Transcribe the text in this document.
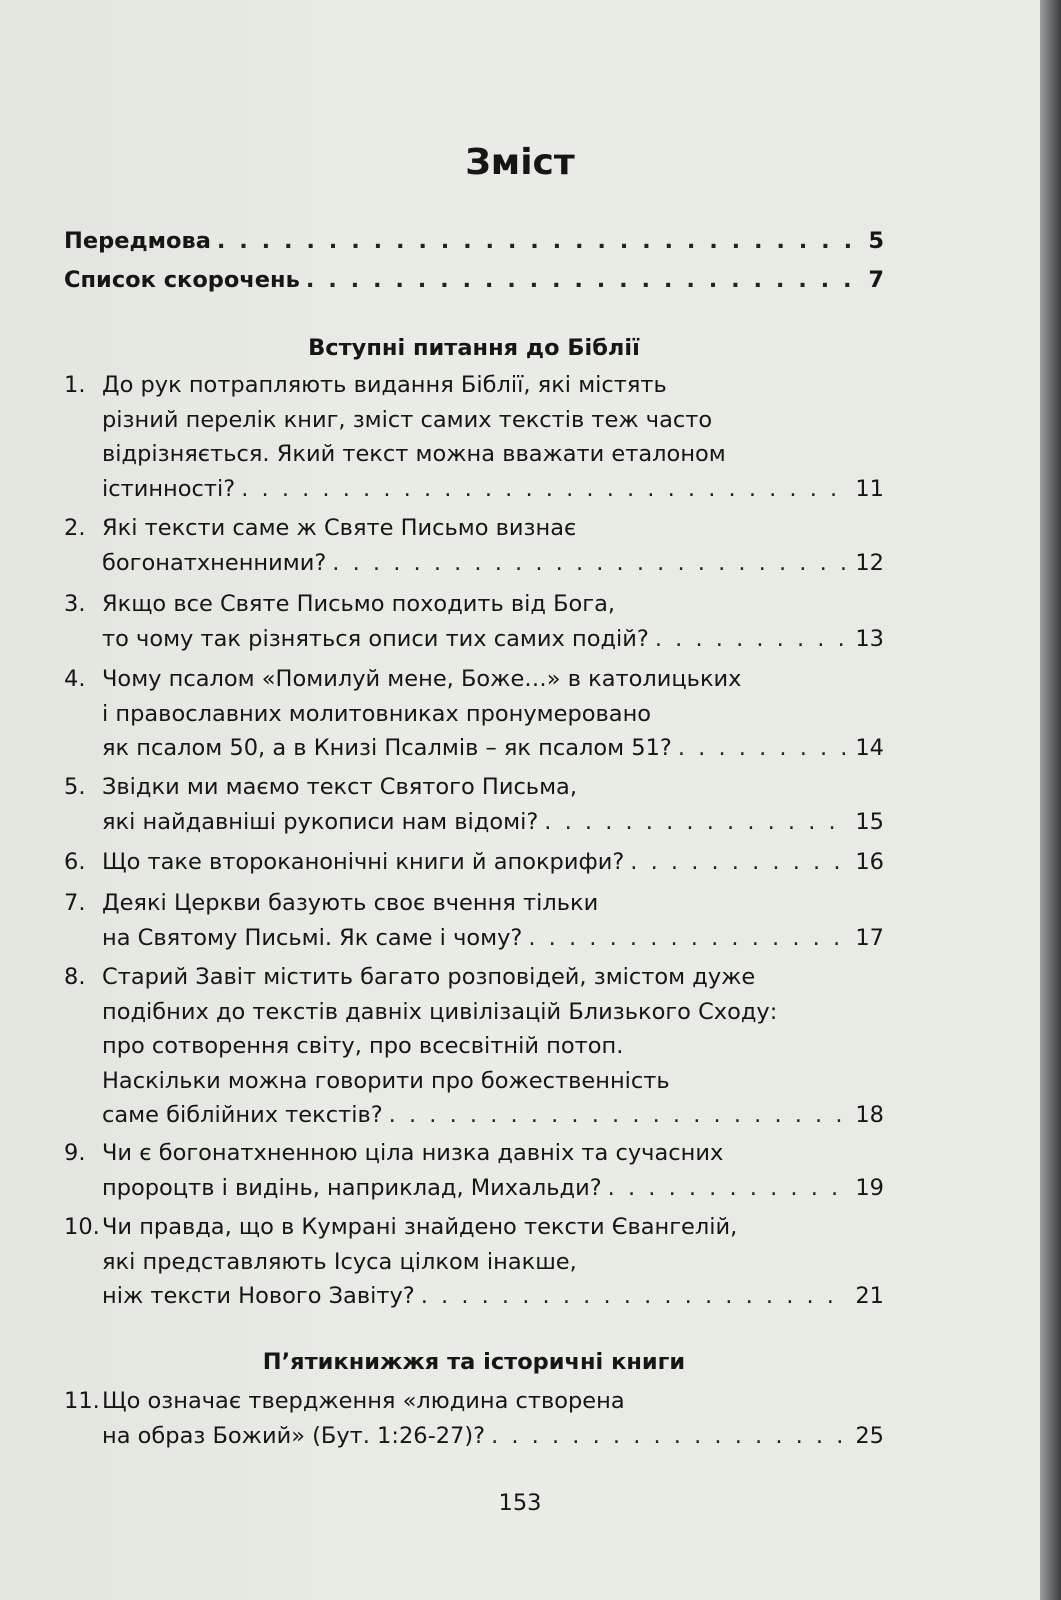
Зміст
Передмова . . .	5
Список скорочень . . .	7
Вступні питання до Біблії
1. До рук потрапляють видання Біблії, які містять
різний перелік книг, зміст самих текстів теж часто
відрізняється. Який текст можна вважати еталоном
істинності? . . .	11
2. Які тексти саме ж Святе Письмо визнає
богонатхненними? . . .	12
3. Якщо все Святе Письмо походить від Бога,
то чому так різняться описи тих самих подій? . . .	13
4. Чому псалом «Помилуй мене, Боже…» в католицьких
і православних молитовниках пронумеровано
як псалом 50, а в Книзі Псалмів – як псалом 51? . . .	14
5. Звідки ми маємо текст Святого Письма,
які найдавніші рукописи нам відомі? . . .	15
6. Що таке второканонічні книги й апокрифи? . . .	16
7. Деякі Церкви базують своє вчення тільки
на Святому Письмі. Як саме і чому? . . .	17
8. Старий Завіт містить багато розповідей, змістом дуже
подібних до текстів давніх цивілізацій Близького Сходу:
про сотворення світу, про всесвітній потоп.
Наскільки можна говорити про божественність
саме біблійних текстів? . . .	18
9. Чи є богонатхненною ціла низка давніх та сучасних
пророцтв і видінь, наприклад, Михальди? . . .	19
10. Чи правда, що в Кумрані знайдено тексти Євангелій,
які представляють Ісуса цілком інакше,
ніж тексти Нового Завіту? . . .	21
П’ятикнижжя та історичні книги
11. Що означає твердження «людина створена
на образ Божий» (Бут. 1:26-27)? . . .	25
153
